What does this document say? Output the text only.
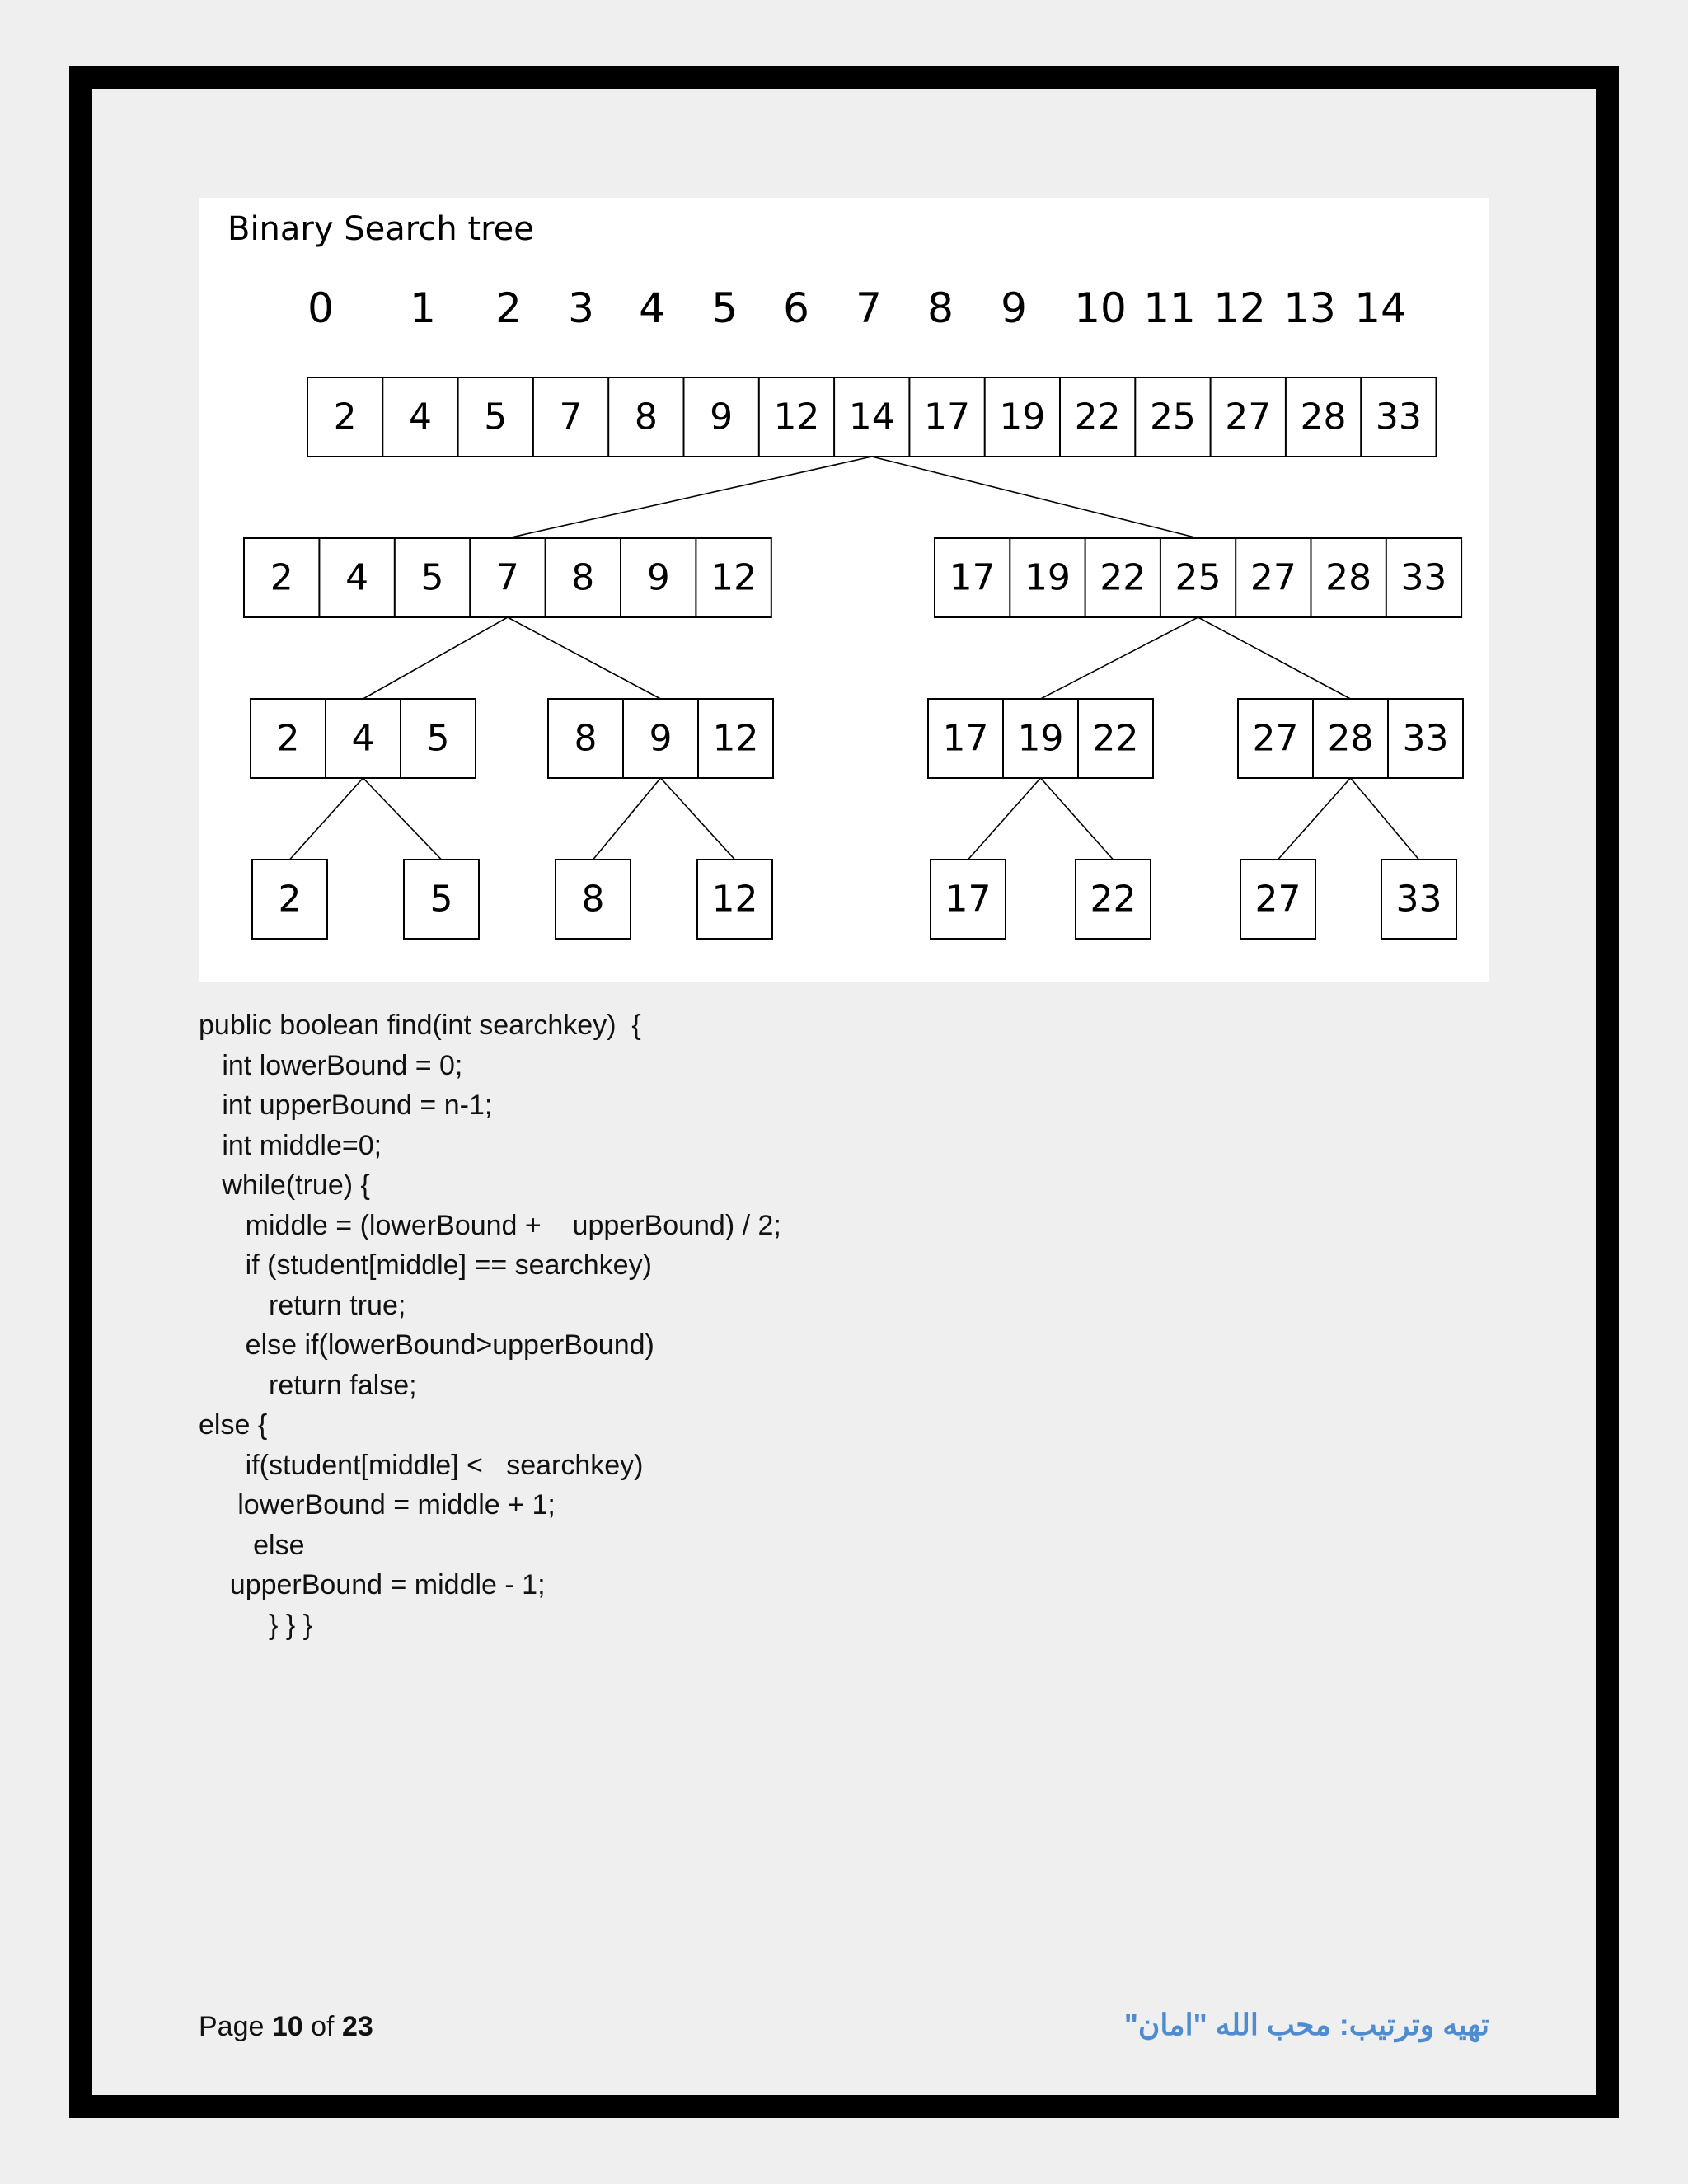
Binary Search tree
0 1 2 3 4 5 6 7 8 9 10 11 12 13 14
2 4 5 7 8 9 12 14 17 19 22 25 27 28 33
2 4 5 7 8 9 12	17 19 22 25 27 28 33
2 4 5	8 9 12	17 19 22	27 28 33
2	5	8	12	17	22	27	33
public boolean find(int searchkey)  {
int lowerBound = 0;
int upperBound = n-1;
int middle=0;
while(true) {
middle = (lowerBound +    upperBound) / 2;
if (student[middle] == searchkey)
return true;
else if(lowerBound>upperBound)
return false;
else {
if(student[middle] <   searchkey)
lowerBound = middle + 1;
else
upperBound = middle - 1;
} } }
Page 10 of 23	تهيه وترتيب: محب الله "امان"
